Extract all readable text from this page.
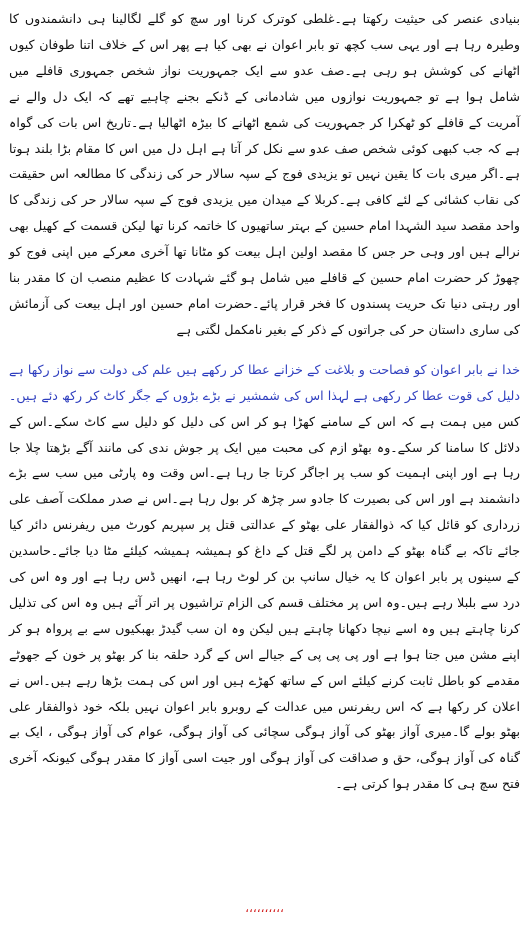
بنیادی عنصر کی حیثیت رکھتا ہے۔غلطی کوترک کرنا اور سچ کو گلے لگالینا ہی دانشمندوں کا وطیرہ رہا ہے اور یہی سب کچھ تو بابر اعوان نے بھی کیا ہے پھر اس کے خلاف اتنا طوفان کیوں اٹھانے کی کوشش ہو رہی ہے۔صف عدو سے ایک جمہوریت نواز شخص جمہوری قافلے میں شامل ہوا ہے تو جمہوریت نوازوں میں شادمانی کے ڈنکے بجنے چاہیے تھے کہ ایک دل والے نے آمریت کے قافلے کو ٹھکرا کر جمہوریت کی شمع اٹھانے کا بیڑہ اٹھالیا ہے۔تاریخ اس بات کی گواہ ہے کہ جب کبھی کوئی شخص صف عدو سے نکل کر آتا ہے اہل دل میں اس کا مقام بڑا بلند ہوتا ہے۔اگر میری بات کا یقین نہیں تو یزیدی فوج کے سپہ سالار حر کی زندگی کا مطالعہ اس حقیقت کی نقاب کشائی کے لئے کافی ہے۔کربلا کے میدان میں یزیدی فوج کے سپہ سالار حر کی زندگی کا واحد مقصد سید الشہدا امام حسین کے بہتر ساتھیوں کا خاتمہ کرنا تھا لیکن قسمت کے کھیل بھی نرالے ہیں اور وہی حر جس کا مقصد اولین اہل بیعت کو مٹانا تھا آخری معرکے میں اپنی فوج کو چھوڑ کر حضرت امام حسین کے قافلے میں شامل ہو گئے شہادت کا عظیم منصب ان کا مقدر بنا اور رہتی دنیا تک حریت پسندوں کا فخر قرار پائے۔حضرت امام حسین اور اہل بیعت کی آزمائش کی ساری داستان حر کی جراتوں کے ذکر کے بغیر نامکمل لگتی ہے

خدا نے بابر اعوان کو فصاحت و بلاغت کے خزانے عطا کر رکھے ہیں علم کی دولت سے نواز رکھا ہے دلیل کی قوت عطا کر رکھی ہے لہذا اس کی شمشیر نے بڑے بڑوں کے جگر کاٹ کر رکھ دئے ہیں۔کس میں ہمت ہے کہ اس کے سامنے کھڑا ہو کر اس کی دلیل کو دلیل سے کاٹ سکے۔اس کے دلائل کا سامنا کر سکے۔وہ بھٹو ازم کی محبت میں ایک پر جوش ندی کی مانند آگے بڑھتا چلا جا رہا ہے اور اپنی اہمیت کو سب پر اجاگر کرتا جا رہا ہے۔اس وقت وہ پارٹی میں سب سے بڑے دانشمند ہے اور اس کی بصیرت کا جادو سر چڑھ کر بول رہا ہے۔اس نے صدر مملکت آصف علی زرداری کو قائل کیا کہ ذوالفقار علی بھٹو کے عدالتی قتل پر سپریم کورٹ میں ریفرنس دائر کیا جائے تاکہ بے گناہ بھٹو کے دامن پر لگے قتل کے داغ کو ہمیشہ ہمیشہ کیلئے مٹا دیا جائے۔حاسدین کے سینوں پر بابر اعوان کا یہ خیال سانپ بن کر لوٹ رہا ہے، انھیں ڈس رہا ہے اور وہ اس کی درد سے بلبلا رہے ہیں۔وہ اس پر مختلف قسم کی الزام تراشیوں پر اتر آئے ہیں وہ اس کی تذلیل کرنا چاہتے ہیں وہ اسے نیچا دکھانا چاہتے ہیں لیکن وہ ان سب گیدڑ بھبکیوں سے بے پرواہ ہو کر اپنے مشن میں جتا ہوا ہے اور پی پی پی کے جیالے اس کے گرد حلقہ بنا کر بھٹو پر خون کے جھوٹے مقدمے کو باطل ثابت کرنے کیلئے اس کے ساتھ کھڑے ہیں اور اس کی ہمت بڑھا رہے ہیں۔اس نے اعلان کر رکھا ہے کہ اس ریفرنس میں عدالت کے روبرو بابر اعوان نہیں بلکہ خود ذوالفقار علی بھٹو بولے گا۔میری آواز بھٹو کی آواز ہوگی سچائی کی آواز ہوگی، عوام کی آواز ہوگی ، ایک بے گناہ کی آواز ہوگی، حق و صداقت کی آواز ہوگی اور جیت اسی آواز کا مقدر ہوگی کیونکہ آخری فتح سچ ہی کا مقدر ہوا کرتی ہے۔

،،،،،،،،،،
